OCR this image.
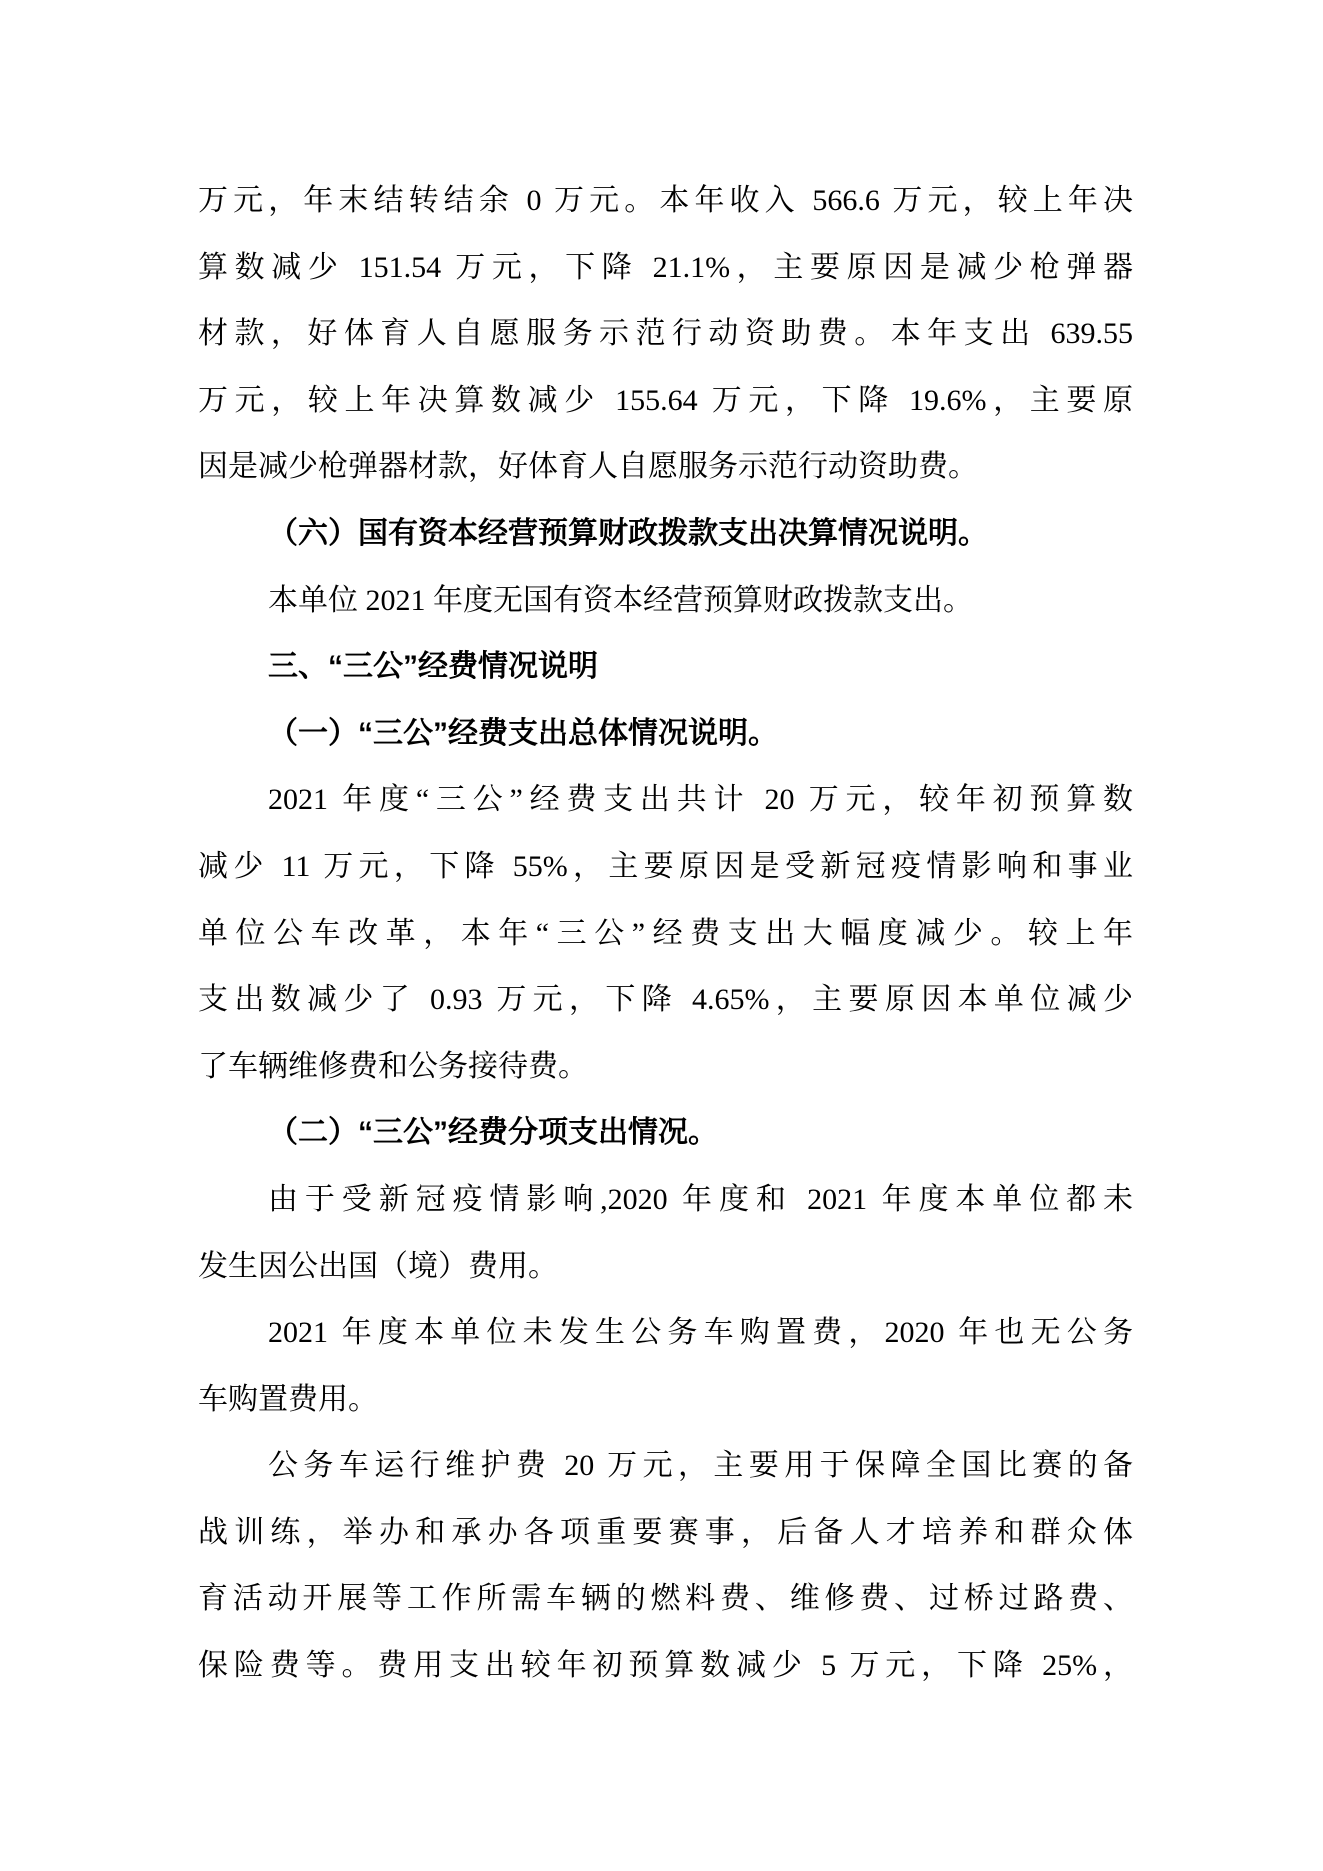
万元，年末结转结余 0 万元。本年收入 566.6 万元，较上年决
算数减少 151.54 万元，下降 21.1%，主要原因是减少枪弹器
材款，好体育人自愿服务示范行动资助费。本年支出 639.55
万元，较上年决算数减少 155.64 万元，下降 19.6%，主要原
因是减少枪弹器材款，好体育人自愿服务示范行动资助费。
（六）国有资本经营预算财政拨款支出决算情况说明。
本单位 2021 年度无国有资本经营预算财政拨款支出。
三、“三公”经费情况说明
（一）“三公”经费支出总体情况说明。
2021 年度“三公”经费支出共计 20 万元，较年初预算数
减少 11 万元，下降 55%，主要原因是受新冠疫情影响和事业
单位公车改革，本年“三公”经费支出大幅度减少。较上年
支出数减少了 0.93 万元，下降 4.65%，主要原因本单位减少
了车辆维修费和公务接待费。
（二）“三公”经费分项支出情况。
由于受新冠疫情影响,2020 年度和 2021 年度本单位都未
发生因公出国（境）费用。
2021 年度本单位未发生公务车购置费，2020 年也无公务
车购置费用。
公务车运行维护费 20 万元，主要用于保障全国比赛的备
战训练，举办和承办各项重要赛事，后备人才培养和群众体
育活动开展等工作所需车辆的燃料费、维修费、过桥过路费、
保险费等。费用支出较年初预算数减少 5 万元，下降 25%，
